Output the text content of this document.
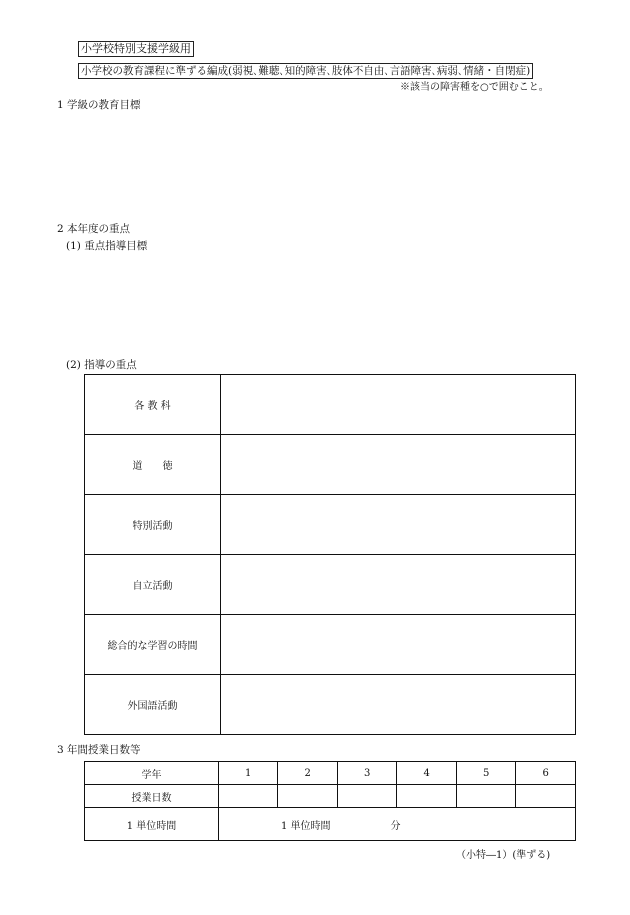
小学校特別支援学級用
小学校の教育課程に準ずる編成(弱視､難聴､知的障害､肢体不自由､言語障害､病弱､情緒・自閉症)
※該当の障害種を○で囲むこと。
1 学級の教育目標
2 本年度の重点
(1) 重点指導目標
(2) 指導の重点
各 教 科	
道　　徳	
特別活動	
自立活動	
総合的な学習の時間	
外国語活動	
3 年間授業日数等
学年	1	2	3	4	5	6
授業日数						
1 単位時間	1 単位時間 分					
（小特―1）(準ずる)
